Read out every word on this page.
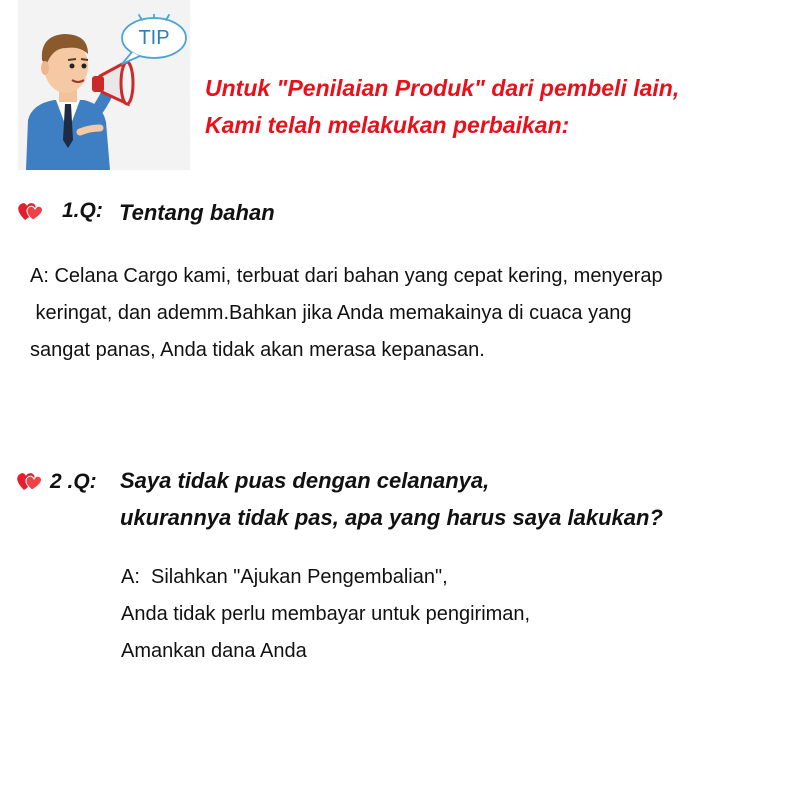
TIP
Untuk "Penilaian Produk" dari pembeli lain,
Kami telah melakukan perbaikan:
1.Q: Tentang bahan
A: Celana Cargo kami, terbuat dari bahan yang cepat kering, menyerap
keringat, dan ademm.Bahkan jika Anda memakainya di cuaca yang
sangat panas, Anda tidak akan merasa kepanasan.
2 .Q: Saya tidak puas dengan celananya,
ukurannya tidak pas, apa yang harus saya lakukan?
A:  Silahkan "Ajukan Pengembalian",
Anda tidak perlu membayar untuk pengiriman,
Amankan dana Anda
